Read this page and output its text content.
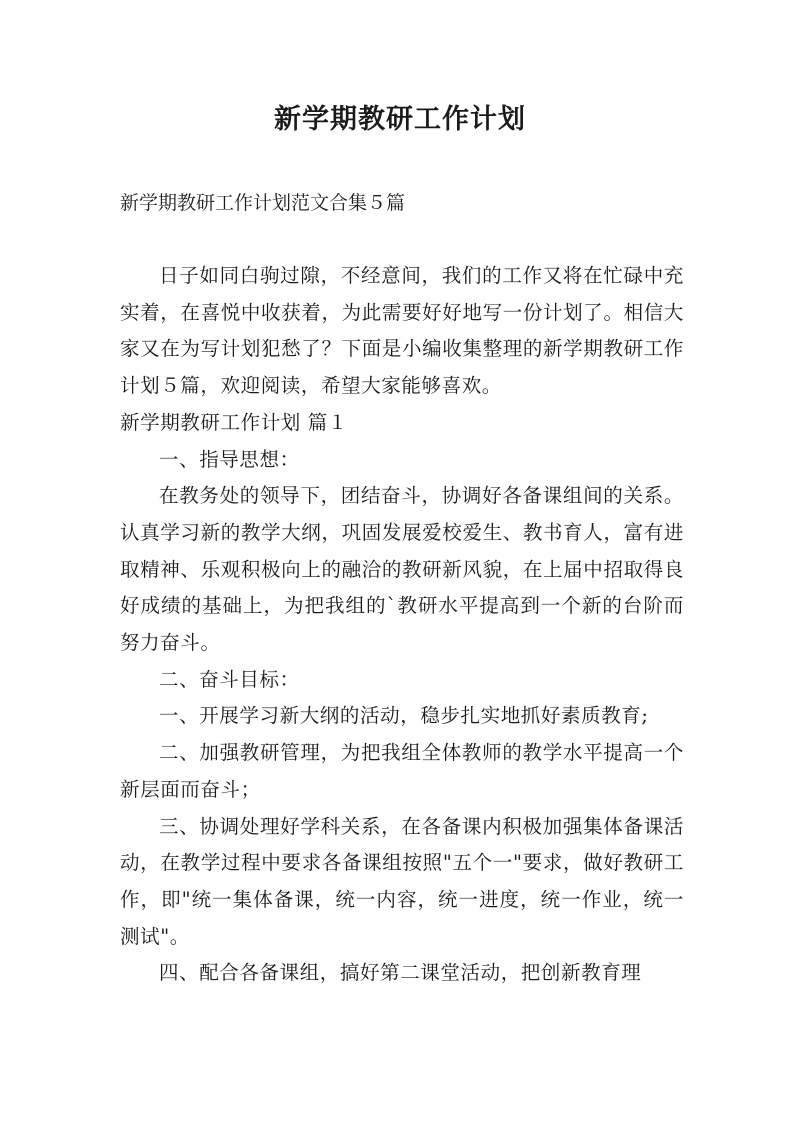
新学期教研工作计划

新学期教研工作计划范文合集５篇

日子如同白驹过隙，不经意间，我们的工作又将在忙碌中充实着，在喜悦中收获着，为此需要好好地写一份计划了。相信大家又在为写计划犯愁了？下面是小编收集整理的新学期教研工作计划５篇，欢迎阅读，希望大家能够喜欢。

新学期教研工作计划 篇１

一、指导思想：

在教务处的领导下，团结奋斗，协调好各备课组间的关系。认真学习新的教学大纲，巩固发展爱校爱生、教书育人，富有进取精神、乐观积极向上的融洽的教研新风貌，在上届中招取得良好成绩的基础上，为把我组的`教研水平提高到一个新的台阶而努力奋斗。

二、奋斗目标：

一、开展学习新大纲的活动，稳步扎实地抓好素质教育;

二、加强教研管理，为把我组全体教师的教学水平提高一个新层面而奋斗；

三、协调处理好学科关系，在各备课内积极加强集体备课活动，在教学过程中要求各备课组按照"五个一"要求，做好教研工作，即"统一集体备课，统一内容，统一进度，统一作业，统一测试"。

四、配合各备课组，搞好第二课堂活动，把创新教育理
